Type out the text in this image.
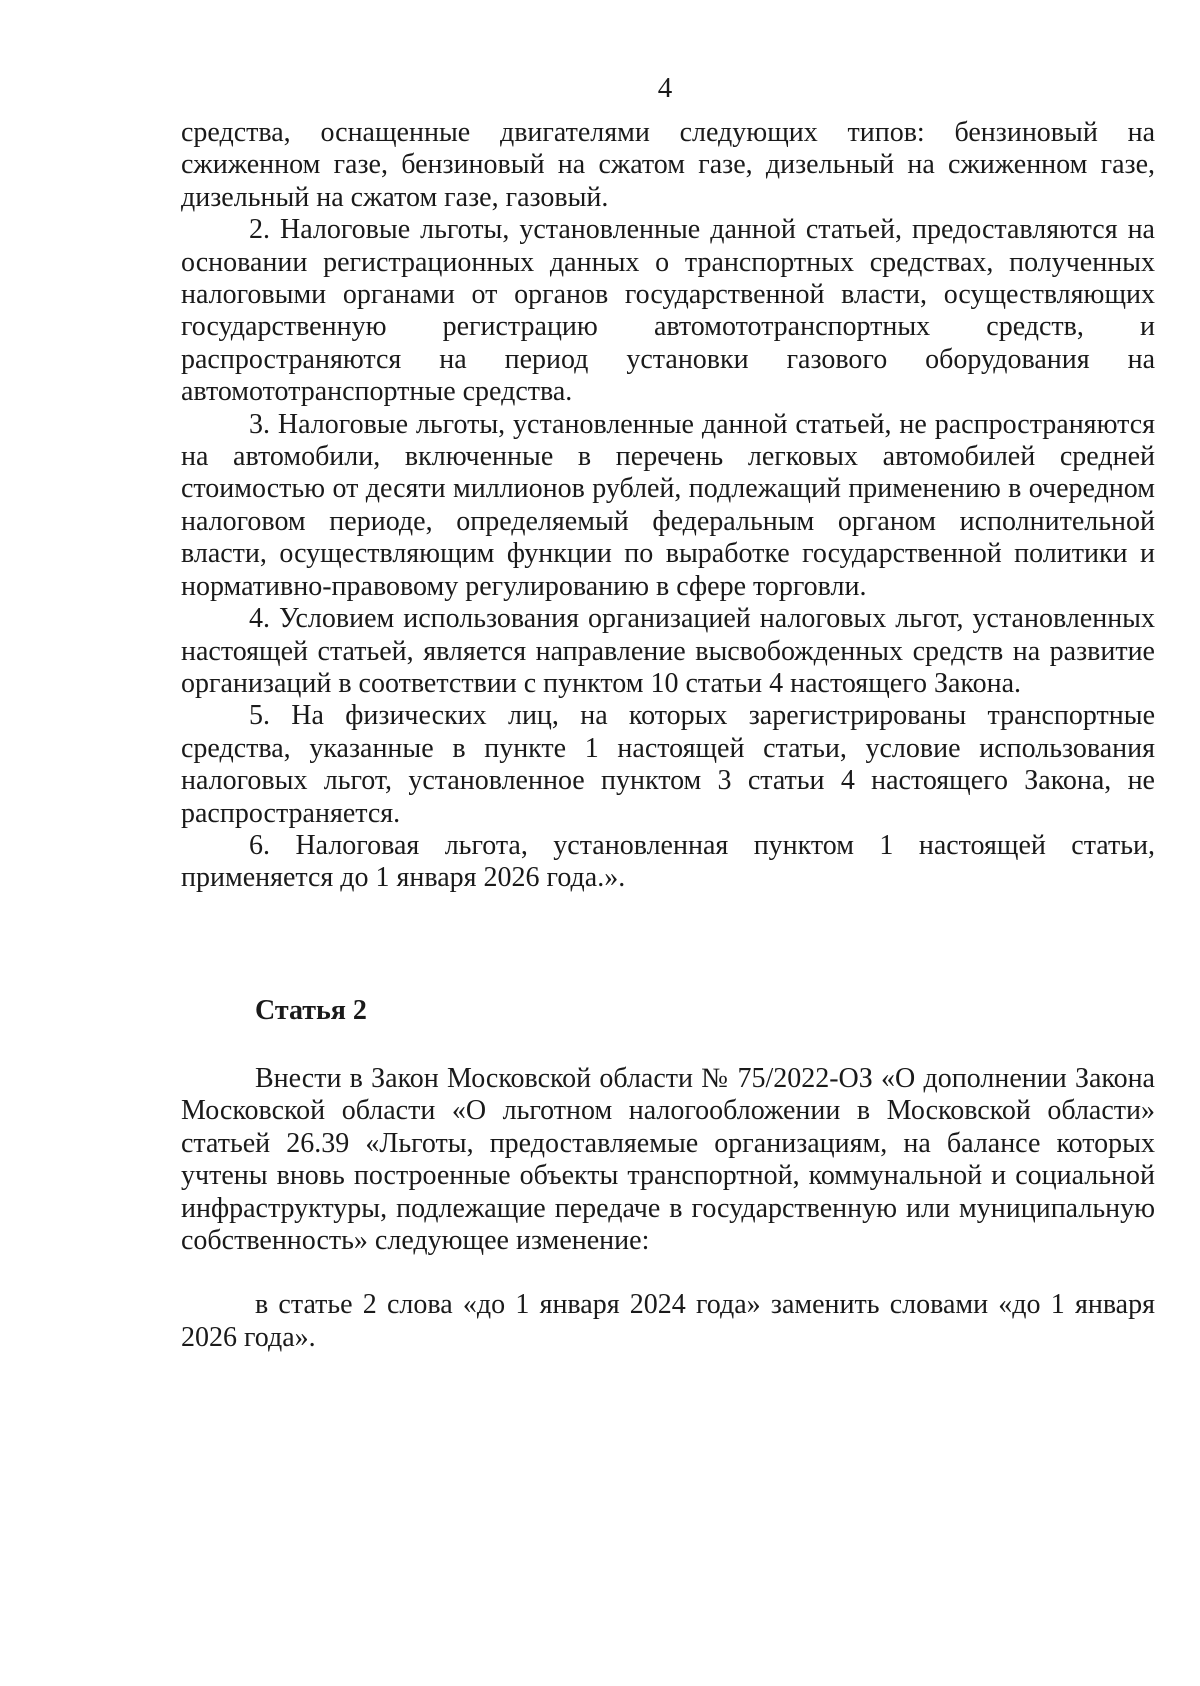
4

средства, оснащенные двигателями следующих типов: бензиновый на сжиженном газе, бензиновый на сжатом газе, дизельный на сжиженном газе, дизельный на сжатом газе, газовый.

2. Налоговые льготы, установленные данной статьей, предоставляются на основании регистрационных данных о транспортных средствах, полученных налоговыми органами от органов государственной власти, осуществляющих государственную регистрацию автомототранспортных средств, и распространяются на период установки газового оборудования на автомототранспортные средства.

3. Налоговые льготы, установленные данной статьей, не распространяются на автомобили, включенные в перечень легковых автомобилей средней стоимостью от десяти миллионов рублей, подлежащий применению в очередном налоговом периоде, определяемый федеральным органом исполнительной власти, осуществляющим функции по выработке государственной политики и нормативно-правовому регулированию в сфере торговли.

4. Условием использования организацией налоговых льгот, установленных настоящей статьей, является направление высвобожденных средств на развитие организаций в соответствии с пунктом 10 статьи 4 настоящего Закона.

5. На физических лиц, на которых зарегистрированы транспортные средства, указанные в пункте 1 настоящей статьи, условие использования налоговых льгот, установленное пунктом 3 статьи 4 настоящего Закона, не распространяется.

6. Налоговая льгота, установленная пунктом 1 настоящей статьи, применяется до 1 января 2026 года.».

Статья 2

Внести в Закон Московской области № 75/2022-ОЗ «О дополнении Закона Московской области «О льготном налогообложении в Московской области» статьей 26.39 «Льготы, предоставляемые организациям, на балансе которых учтены вновь построенные объекты транспортной, коммунальной и социальной инфраструктуры, подлежащие передаче в государственную или муниципальную собственность» следующее изменение:

в статье 2 слова «до 1 января 2024 года» заменить словами «до 1 января 2026 года».
